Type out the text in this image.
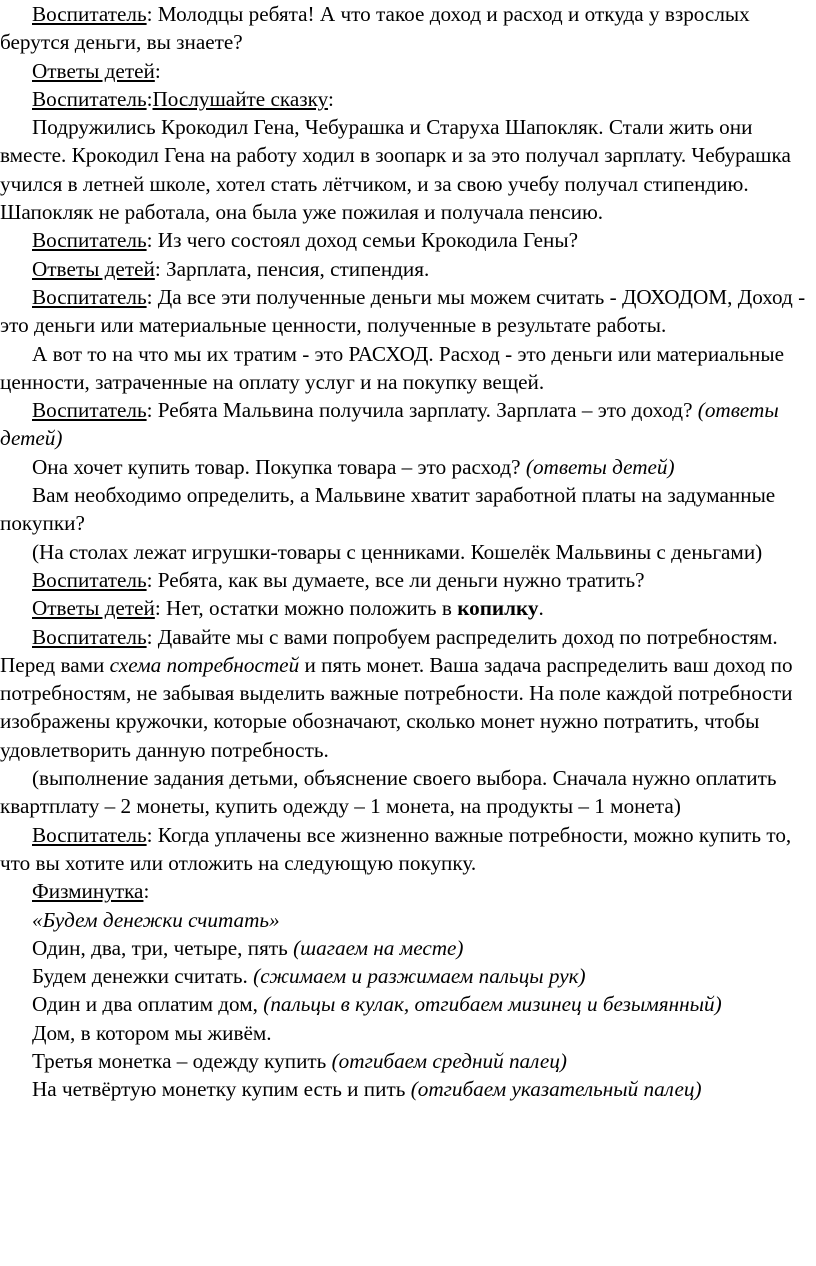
Воспитатель: Молодцы ребята! А что такое доход и расход и откуда у взрослых берутся деньги, вы знаете?

Ответы детей:

Воспитатель:Послушайте сказку:

Подружились Крокодил Гена, Чебурашка и Старуха Шапокляк. Стали жить они вместе. Крокодил Гена на работу ходил в зоопарк и за это получал зарплату. Чебурашка учился в летней школе, хотел стать лётчиком, и за свою учебу получал стипендию. Шапокляк не работала, она была уже пожилая и получала пенсию.

Воспитатель: Из чего состоял доход семьи Крокодила Гены?

Ответы детей: Зарплата, пенсия, стипендия.

Воспитатель: Да все эти полученные деньги мы можем считать - ДОХОДОМ, Доход - это деньги или материальные ценности, полученные в результате работы.

А вот то на что мы их тратим - это РАСХОД. Расход - это деньги или материальные ценности, затраченные на оплату услуг и на покупку вещей.

Воспитатель: Ребята Мальвина получила зарплату. Зарплата – это доход? (ответы детей)

Она хочет купить товар. Покупка товара – это расход? (ответы детей)

Вам необходимо определить, а Мальвине хватит заработной платы на задуманные покупки?

(На столах лежат игрушки-товары с ценниками. Кошелёк Мальвины с деньгами)

Воспитатель: Ребята, как вы думаете, все ли деньги нужно тратить?

Ответы детей: Нет, остатки можно положить в копилку.

Воспитатель: Давайте мы с вами попробуем распределить доход по потребностям. Перед вами схема потребностей и пять монет. Ваша задача распределить ваш доход по потребностям, не забывая выделить важные потребности. На поле каждой потребности изображены кружочки, которые обозначают, сколько монет нужно потратить, чтобы удовлетворить данную потребность.

(выполнение задания детьми, объяснение своего выбора. Сначала нужно оплатить квартплату – 2 монеты, купить одежду – 1 монета, на продукты – 1 монета)

Воспитатель: Когда уплачены все жизненно важные потребности, можно купить то, что вы хотите или отложить на следующую покупку.

Физминутка:

«Будем денежки считать»

Один, два, три, четыре, пять (шагаем на месте)

Будем денежки считать. (сжимаем и разжимаем пальцы рук)

Один и два оплатим дом, (пальцы в кулак, отгибаем мизинец и безымянный)

Дом, в котором мы живём.

Третья монетка – одежду купить (отгибаем средний палец)

На четвёртую монетку купим есть и пить (отгибаем указательный палец)
